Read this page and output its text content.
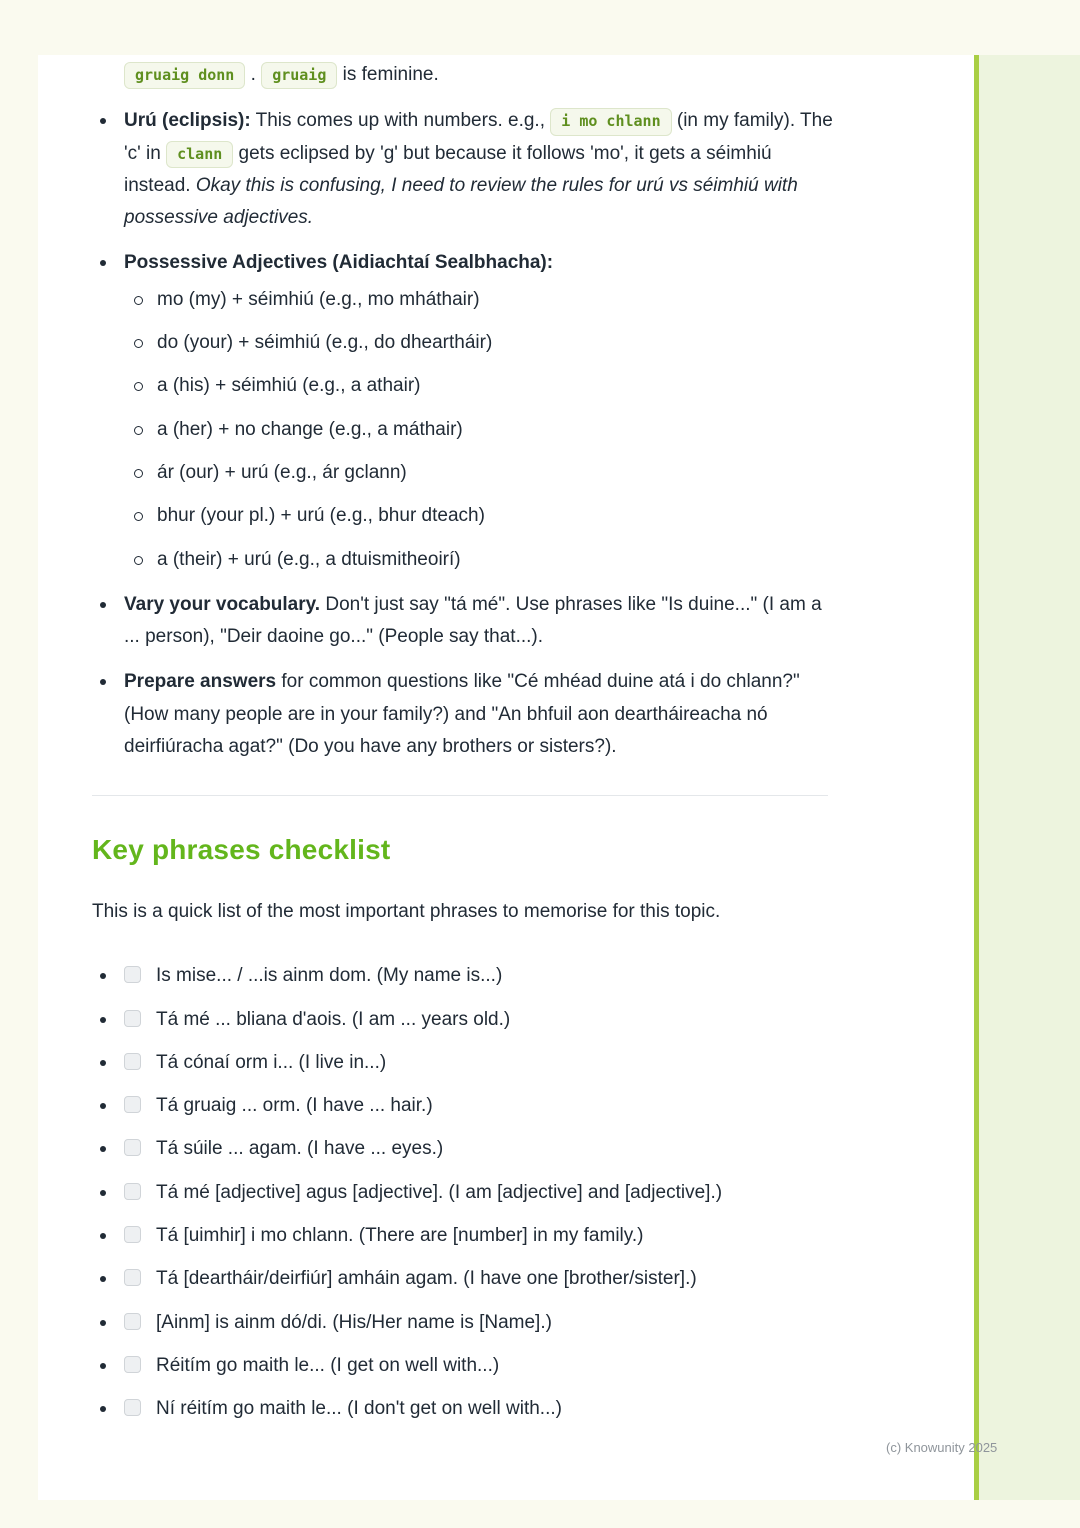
gruaig donn . gruaig is feminine.

Urú (eclipsis): This comes up with numbers. e.g., i mo chlann (in my family). The 'c' in clann gets eclipsed by 'g' but because it follows 'mo', it gets a séimhiú instead. Okay this is confusing, I need to review the rules for urú vs séimhiú with possessive adjectives.

Possessive Adjectives (Aidiachtaí Sealbhacha):

mo (my) + séimhiú (e.g., mo mháthair)
do (your) + séimhiú (e.g., do dheartháir)
a (his) + séimhiú (e.g., a athair)
a (her) + no change (e.g., a máthair)
ár (our) + urú (e.g., ár gclann)
bhur (your pl.) + urú (e.g., bhur dteach)
a (their) + urú (e.g., a dtuismitheoirí)

Vary your vocabulary. Don't just say "tá mé". Use phrases like "Is duine..." (I am a ... person), "Deir daoine go..." (People say that...).

Prepare answers for common questions like "Cé mhéad duine atá i do chlann?" (How many people are in your family?) and "An bhfuil aon deartháireacha nó deirfiúracha agat?" (Do you have any brothers or sisters?).

Key phrases checklist

This is a quick list of the most important phrases to memorise for this topic.

Is mise... / ...is ainm dom. (My name is...)
Tá mé ... bliana d'aois. (I am ... years old.)
Tá cónaí orm i... (I live in...)
Tá gruaig ... orm. (I have ... hair.)
Tá súile ... agam. (I have ... eyes.)
Tá mé [adjective] agus [adjective]. (I am [adjective] and [adjective].)
Tá [uimhir] i mo chlann. (There are [number] in my family.)
Tá [deartháir/deirfiúr] amháin agam. (I have one [brother/sister].)
[Ainm] is ainm dó/di. (His/Her name is [Name].)
Réitím go maith le... (I get on well with...)
Ní réitím go maith le... (I don't get on well with...)
(c) Knowunity 2025
